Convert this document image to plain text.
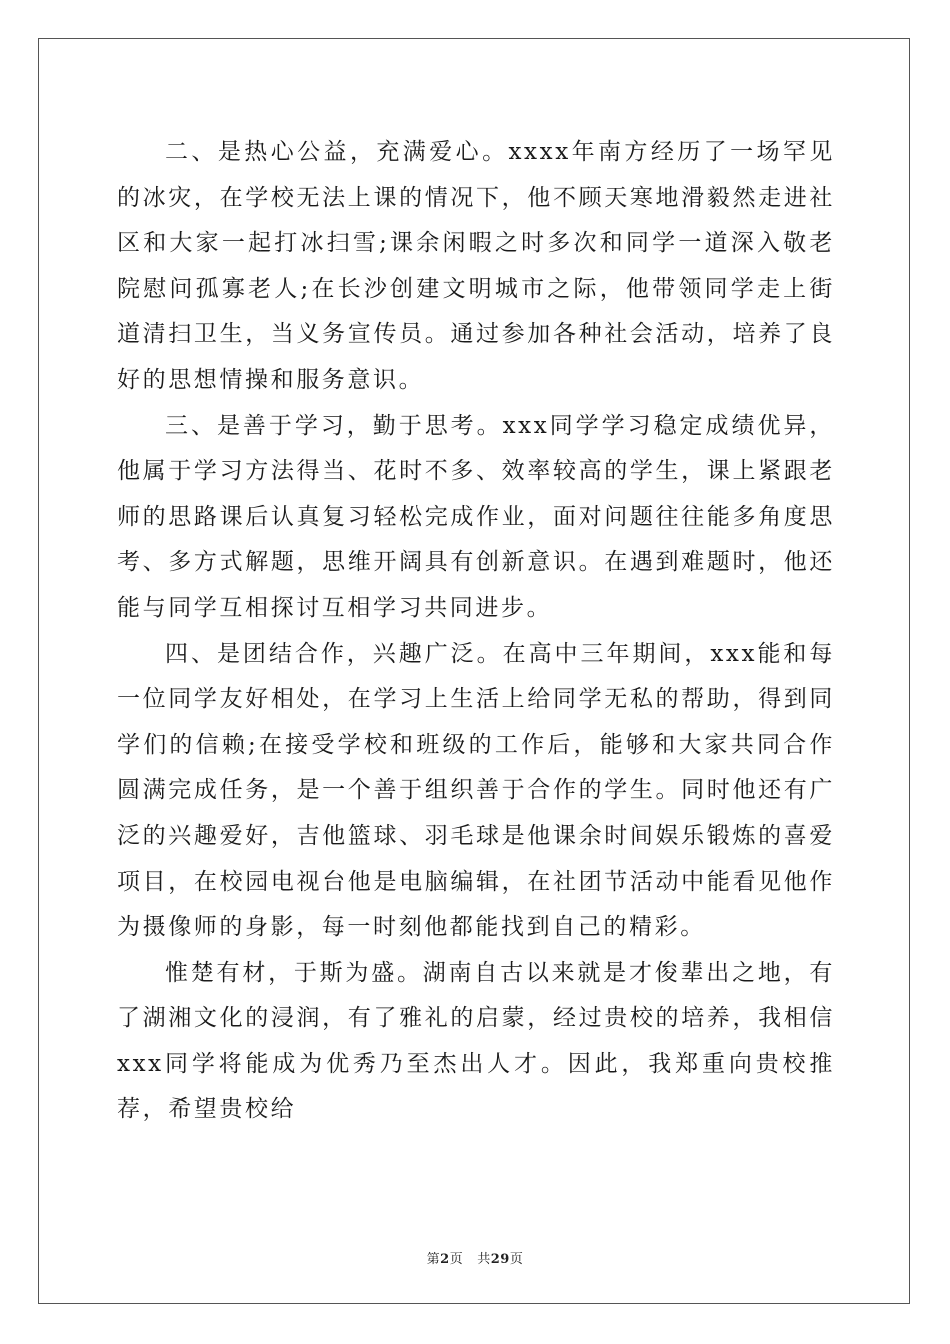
二、是热心公益，充满爱心。xxxx年南方经历了一场罕见的冰灾，在学校无法上课的情况下，他不顾天寒地滑毅然走进社区和大家一起打冰扫雪;课余闲暇之时多次和同学一道深入敬老院慰问孤寡老人;在长沙创建文明城市之际，他带领同学走上街道清扫卫生，当义务宣传员。通过参加各种社会活动，培养了良好的思想情操和服务意识。

三、是善于学习，勤于思考。xxx同学学习稳定成绩优异，他属于学习方法得当、花时不多、效率较高的学生，课上紧跟老师的思路课后认真复习轻松完成作业，面对问题往往能多角度思考、多方式解题，思维开阔具有创新意识。在遇到难题时，他还能与同学互相探讨互相学习共同进步。

四、是团结合作，兴趣广泛。在高中三年期间，xxx能和每一位同学友好相处，在学习上生活上给同学无私的帮助，得到同学们的信赖;在接受学校和班级的工作后，能够和大家共同合作圆满完成任务，是一个善于组织善于合作的学生。同时他还有广泛的兴趣爱好，吉他篮球、羽毛球是他课余时间娱乐锻炼的喜爱项目，在校园电视台他是电脑编辑，在社团节活动中能看见他作为摄像师的身影，每一时刻他都能找到自己的精彩。

惟楚有材，于斯为盛。湖南自古以来就是才俊辈出之地，有了湖湘文化的浸润，有了雅礼的启蒙，经过贵校的培养，我相信xxx同学将能成为优秀乃至杰出人才。因此，我郑重向贵校推荐，希望贵校给

第2页 共29页
